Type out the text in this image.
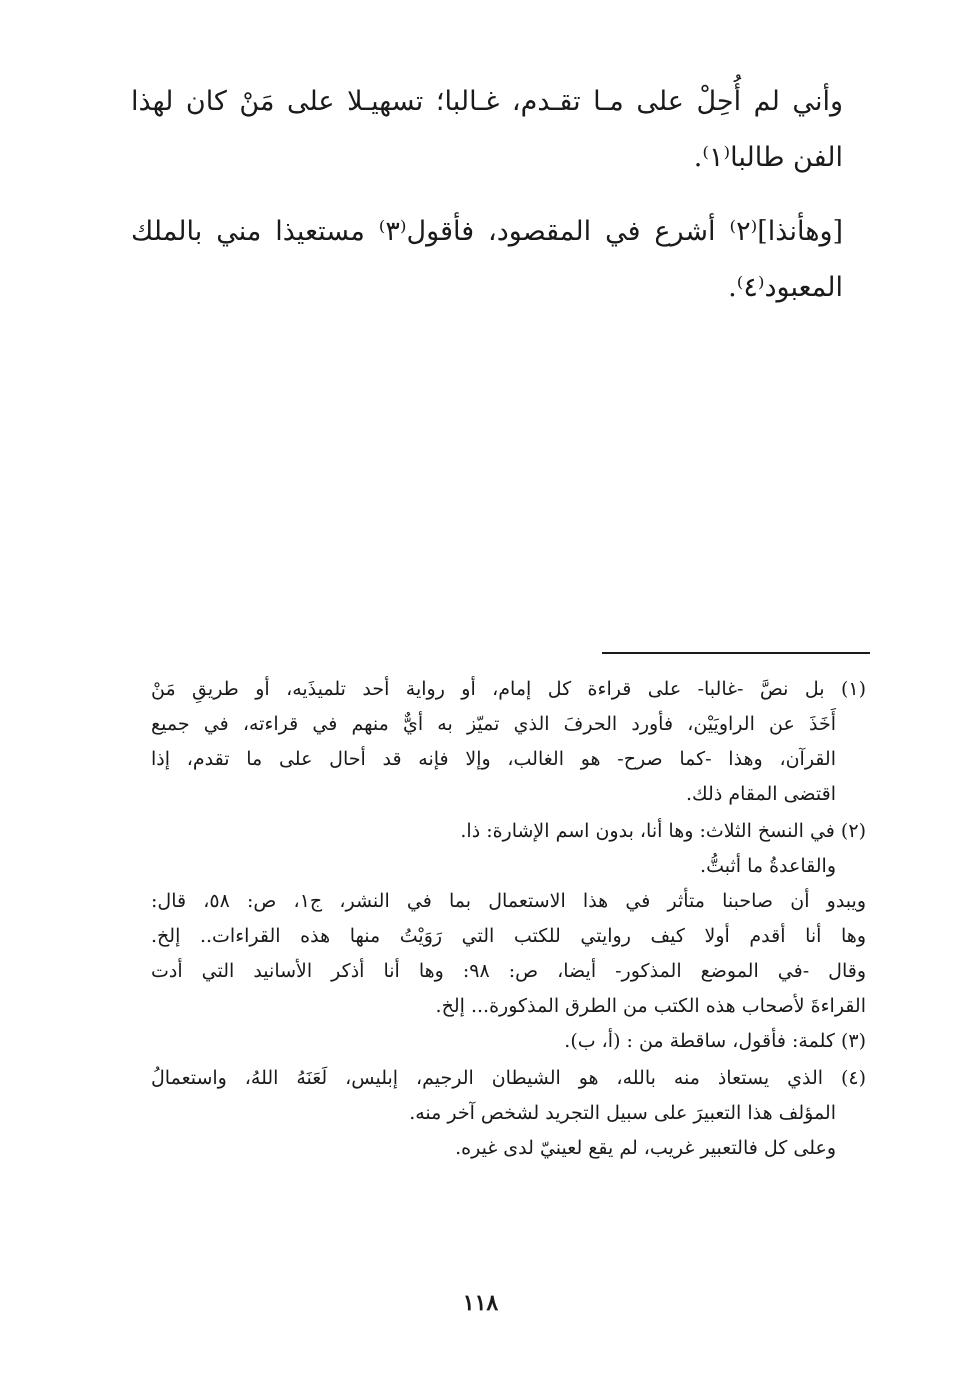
وأني لم أُحِلْ على مـا تقـدم، غـالبا؛ تسهيـلا على مَنْ كان لهذا
الفن طالبا⁽١⁾.
[وهأنذا]⁽٢⁾ أشرع في المقصود، فأقول⁽٣⁾ مستعيذا مني بالملك
المعبود⁽٤⁾.
(١) بل نصَّ -غالبا- على قراءة كل إمام، أو رواية أحد تلميذَيه، أو طريقِ مَنْ
أَخَذَ عن الراويَيْن، فأورد الحرفَ الذي تميّز به أيٌّ منهم في قراءته، في جميع
القرآن، وهذا -كما صرح- هو الغالب، وإلا فإنه قد أحال على ما تقدم، إذا
اقتضى المقام ذلك.
(٢) في النسخ الثلاث: وها أنا، بدون اسم الإشارة: ذا.
والقاعدةُ ما أثبتُّ.
ويبدو أن صاحبنا متأثر في هذا الاستعمال بما في النشر، ج١، ص: ٥٨، قال:
وها أنا أقدم أولا كيف روايتي للكتب التي رَوَيْتُ منها هذه القراءات.. إلخ.
وقال -في الموضع المذكور- أيضا، ص: ٩٨: وها أنا أذكر الأسانيد التي أدت
القراءةَ لأصحاب هذه الكتب من الطرق المذكورة... إلخ.
(٣) كلمة: فأقول، ساقطة من : (أ، ب).
(٤) الذي يستعاذ منه بالله، هو الشيطان الرجيم، إبليس، لَعَنَهُ اللهُ، واستعمالُ
المؤلف هذا التعبيرَ على سبيل التجريد لشخص آخر منه.
وعلى كل فالتعبير غريب، لم يقع لعينيّ لدى غيره.
١١٨
